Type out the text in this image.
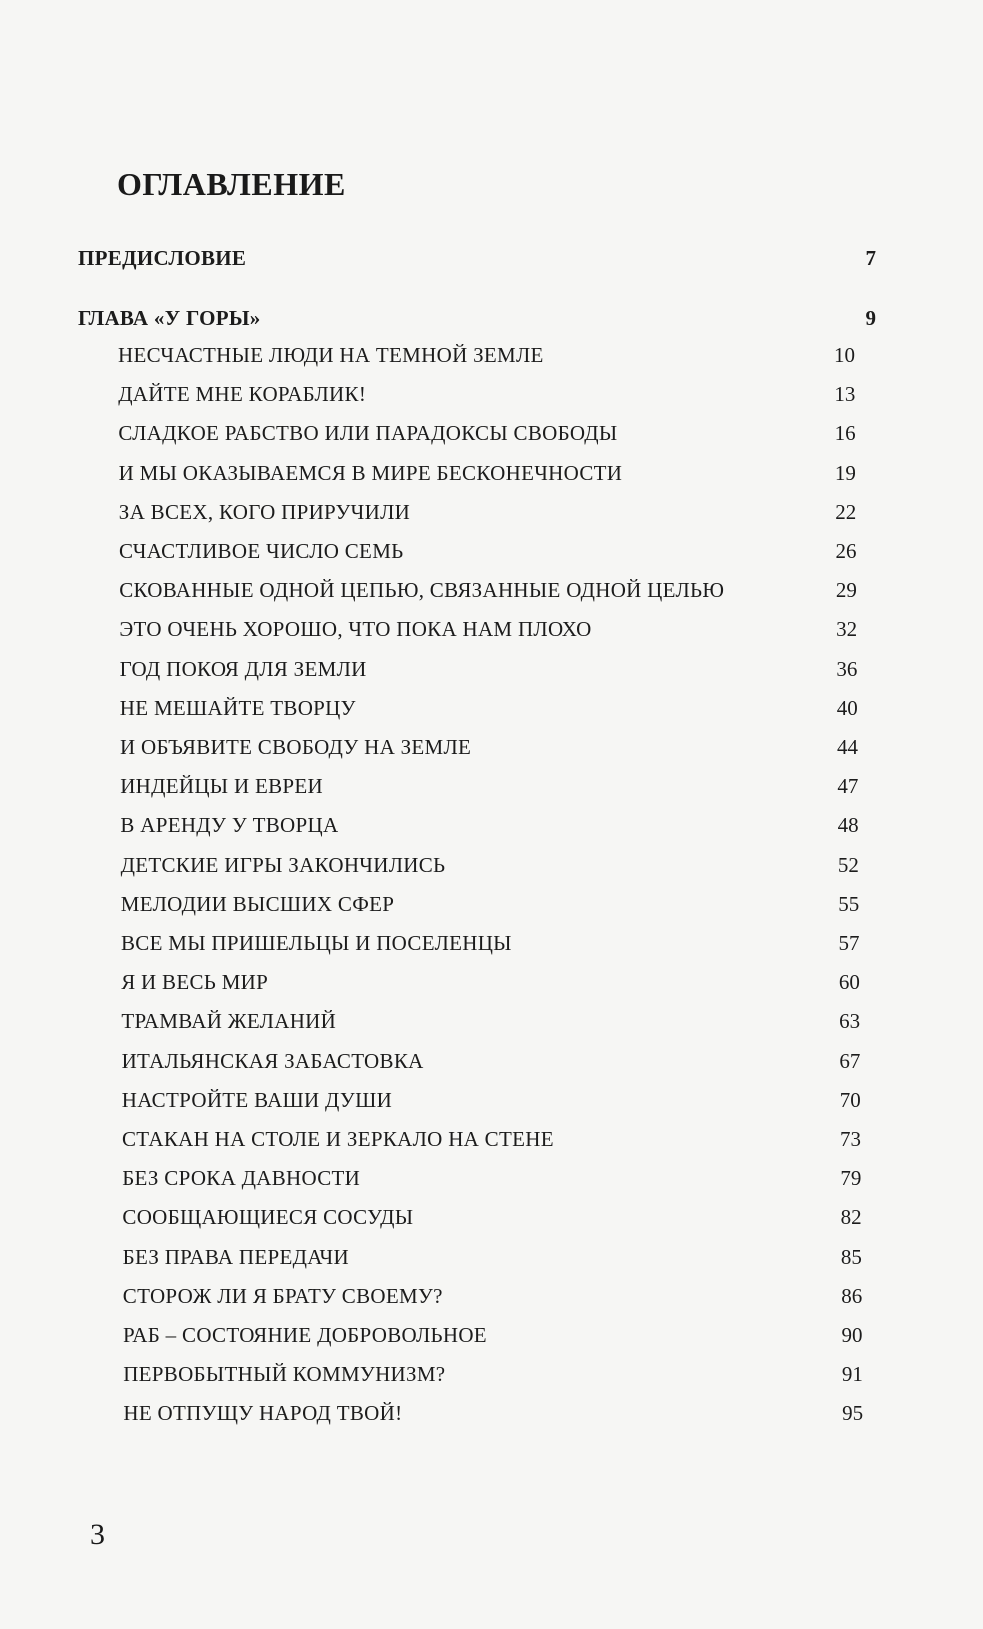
ОГЛАВЛЕНИЕ
ПРЕДИСЛОВИЕ	7
ГЛАВА «У ГОРЫ»	9
НЕСЧАСТНЫЕ ЛЮДИ НА ТЕМНОЙ ЗЕМЛЕ	10
ДАЙТЕ МНЕ КОРАБЛИК!	13
СЛАДКОЕ РАБСТВО ИЛИ ПАРАДОКСЫ СВОБОДЫ	16
И МЫ ОКАЗЫВАЕМСЯ В МИРЕ БЕСКОНЕЧНОСТИ	19
ЗА ВСЕХ, КОГО ПРИРУЧИЛИ	22
СЧАСТЛИВОЕ ЧИСЛО СЕМЬ	26
СКОВАННЫЕ ОДНОЙ ЦЕПЬЮ, СВЯЗАННЫЕ ОДНОЙ ЦЕЛЬЮ	29
ЭТО ОЧЕНЬ ХОРОШО, ЧТО ПОКА НАМ ПЛОХО	32
ГОД ПОКОЯ ДЛЯ ЗЕМЛИ	36
НЕ МЕШАЙТЕ ТВОРЦУ	40
И ОБЪЯВИТЕ СВОБОДУ НА ЗЕМЛЕ	44
ИНДЕЙЦЫ И ЕВРЕИ	47
В АРЕНДУ У ТВОРЦА	48
ДЕТСКИЕ ИГРЫ ЗАКОНЧИЛИСЬ	52
МЕЛОДИИ ВЫСШИХ СФЕР	55
ВСЕ МЫ ПРИШЕЛЬЦЫ И ПОСЕЛЕНЦЫ	57
Я И ВЕСЬ МИР	60
ТРАМВАЙ ЖЕЛАНИЙ	63
ИТАЛЬЯНСКАЯ ЗАБАСТОВКА	67
НАСТРОЙТЕ ВАШИ ДУШИ	70
СТАКАН НА СТОЛЕ И ЗЕРКАЛО НА СТЕНЕ	73
БЕЗ СРОКА ДАВНОСТИ	79
СООБЩАЮЩИЕСЯ СОСУДЫ	82
БЕЗ ПРАВА ПЕРЕДАЧИ	85
СТОРОЖ ЛИ Я БРАТУ СВОЕМУ?	86
РАБ – СОСТОЯНИЕ ДОБРОВОЛЬНОЕ	90
ПЕРВОБЫТНЫЙ КОММУНИЗМ?	91
НЕ ОТПУЩУ НАРОД ТВОЙ!	95
3
